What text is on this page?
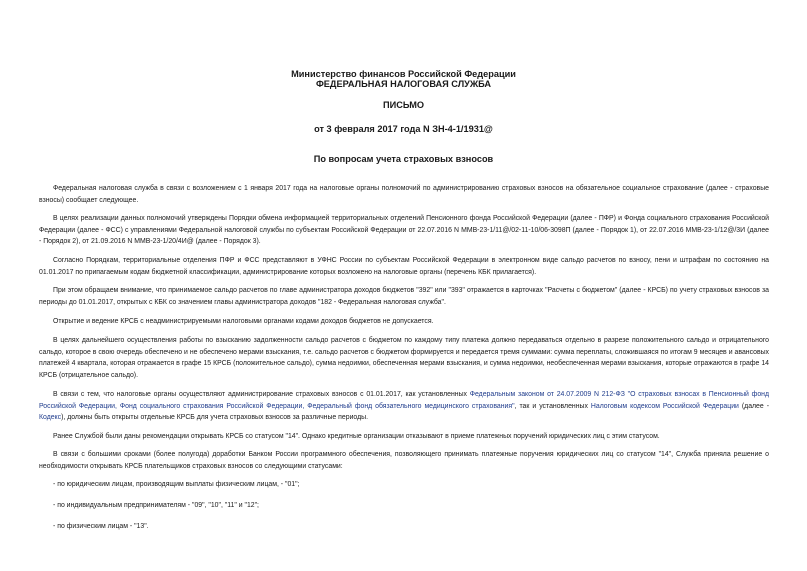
Министерство финансов Российской Федерации
ФЕДЕРАЛЬНАЯ НАЛОГОВАЯ СЛУЖБА
ПИСЬМО
от 3 февраля 2017 года N ЗН-4-1/1931@
По вопросам учета страховых взносов
Федеральная налоговая служба в связи с возложением с 1 января 2017 года на налоговые органы полномочий по администрированию страховых взносов на обязательное социальное страхование (далее - страховые взносы) сообщает следующее.
В целях реализации данных полномочий утверждены Порядки обмена информацией территориальных отделений Пенсионного фонда Российской Федерации (далее - ПФР) и Фонда социального страхования Российской Федерации (далее - ФСС) с управлениями Федеральной налоговой службы по субъектам Российской Федерации от 22.07.2016 N ММВ-23-1/11@/02-11-10/06-3098П (далее - Порядок 1), от 22.07.2016 ММВ-23-1/12@/3И (далее - Порядок 2), от 21.09.2016 N ММВ-23-1/20/4И@ (далее - Порядок 3).
Согласно Порядкам, территориальные отделения ПФР и ФСС представляют в УФНС России по субъектам Российской Федерации в электронном виде сальдо расчетов по взносу, пени и штрафам по состоянию на 01.01.2017 по припагаемым кодам бюджетной классификации, администрирование которых возложено на налоговые органы (перечень КБК прилагается).
При этом обращаем внимание, что принимаемое сальдо расчетов по главе администратора доходов бюджетов "392" или "393" отражается в карточках "Расчеты с бюджетом" (далее - КРСБ) по учету страховых взносов за периоды до 01.01.2017, открытых с КБК со значением главы администратора доходов "182 - Федеральная налоговая служба".
Открытие и ведение КРСБ с неадминистрируемыми налоговыми органами кодами доходов бюджетов не допускается.
В целях дальнейшего осуществления работы по взысканию задолженности сальдо расчетов с бюджетом по каждому типу платежа должно передаваться отдельно в разрезе положительного сальдо и отрицательного сальдо, которое в свою очередь обеспечено и не обеспечено мерами взыскания, т.е. сальдо расчетов с бюджетом формируется и передается тремя суммами: сумма переплаты, сложившаяся по итогам 9 месяцев и авансовых платежей 4 квартала, которая отражается в графе 15 КРСБ (положительное сальдо), сумма недоимки, обеспеченная мерами взыскания, и сумма недоимки, необеспеченная мерами взыскания, которые отражаются в графе 14 КРСБ (отрицательное сальдо).
В связи с тем, что налоговые органы осуществляют администрирование страховых взносов с 01.01.2017, как установленных Федеральным законом от 24.07.2009 N 212-ФЗ "О страховых взносах в Пенсионный фонд Российской Федерации, Фонд социального страхования Российской Федерации, Федеральный фонд обязательного медицинского страхования", так и установленных Налоговым кодексом Российской Федерации (далее - Кодекс), должны быть открыты отдельные КРСБ для учета страховых взносов за различные периоды.
Ранее Службой были даны рекомендации открывать КРСБ со статусом "14". Однако кредитные организации отказывают в приеме платежных поручений юридических лиц с этим статусом.
В связи с большими сроками (более полугода) доработки Банком России программного обеспечения, позволяющего принимать платежные поручения юридических лиц со статусом "14", Служба приняла решение о необходимости открывать КРСБ плательщиков страховых взносов со следующими статусами:
- по юридическим лицам, производящим выплаты физическим лицам, - "01";
- по индивидуальным предпринимателям - "09", "10", "11" и "12";
- по физическим лицам - "13".
